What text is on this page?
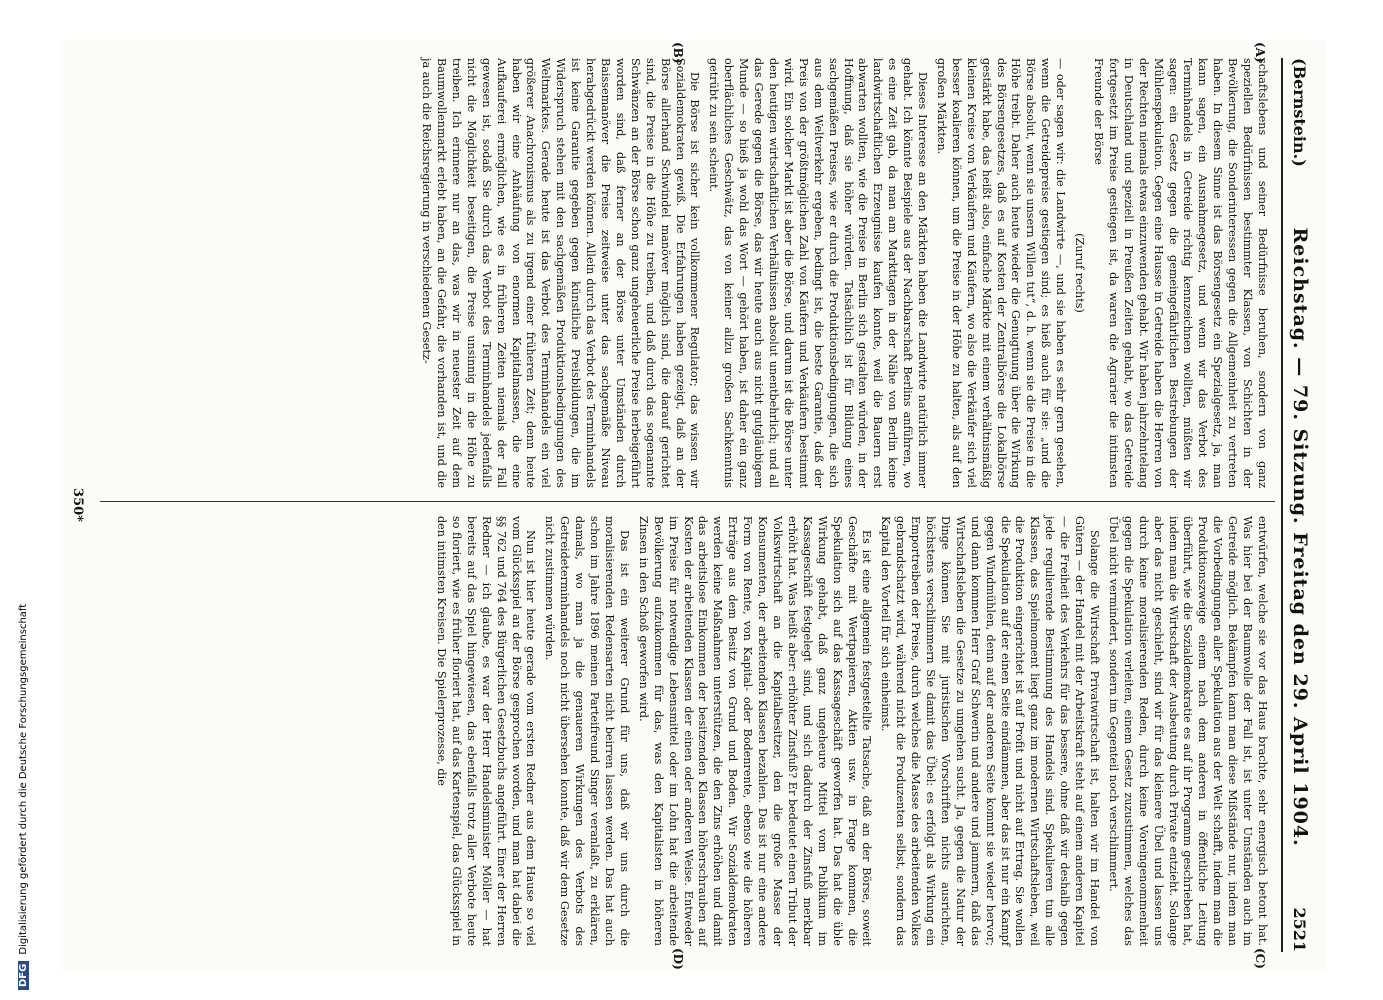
DFGDigitalisierung gefördert durch die Deutsche Forschungsgemeinschaft
(Bernstein.)
Reichstag. — 79. Sitzung. Freitag den 29. April 1904.
2521
(A)
(B)
(C)
(D)

schaftslebens und seiner Bedürfnisse beruhen, sondern von ganz speziellen Bedürfnissen bestimmter Klassen, von Schichten in der Bevölkerung, die Sonderinteressen gegen die Allgemeinheit zu vertreten haben. In diesem Sinne ist das Börsengesetz ein Spezialgesetz, ja, man kann sagen, ein Ausnahmegesetz, und wenn wir das Verbot des Terminhandels in Getreide richtig kennzeichnen wollten, müßten wir sagen: ein Gesetz gegen die gemeingefährlichen Bestrebungen der Mühlenspekulation. Gegen eine Hausse in Getreide haben die Herren von der Rechten niemals etwas einzuwenden gehabt. Wir haben jahrzehntelang in Deutschland und speziell in Preußen Zeiten gehabt, wo das Getreide fortgesetzt im Preise gestiegen ist, da waren die Agrarier die intimsten Freunde der Börse

(Zuruf rechts)

— oder sagen wir: die Landwirte —, und sie haben es sehr gern gesehen, wenn die Getreidepreise gestiegen sind; es hieß auch für sie: „und die Börse absolut, wenn sie unsern Willen tut“, d. h. wenn sie die Preise in die Höhe treibt. Daher auch heute wieder die Genugtuung über die Wirkung des Börsengesetzes, daß es auf Kosten der Zentralbörse die Lokalbörse gestärkt habe, das heißt also, einfache Märkte mit einem verhältnismäßig kleinen Kreise von Verkäufern und Käufern, wo also die Verkäufer sich viel besser koalieren können, um die Preise in der Höhe zu halten, als auf den großen Märkten.

Dieses Interesse an den Märkten haben die Landwirte natürlich immer gehabt. Ich könnte Beispiele aus der Nachbarschaft Berlins anführen, wo es eine Zeit gab, da man am Markttagen in der Nähe von Berlin keine landwirtschaftlichen Erzeugnisse kaufen konnte, weil die Bauern erst abwarten wollten, wie die Preise in Berlin sich gestalten würden, in der Hoffnung, daß sie höher würden. Tatsächlich ist für Bildung eines sachgemäßen Preises, wie er durch die Produktionsbedingungen, die sich aus dem Weltverkehr ergeben, bedingt ist, die beste Garantie, daß der Preis von der größtmöglichen Zahl von Käufern und Verkäufern bestimmt wird. Ein solcher Markt ist aber die Börse, und darum ist die Börse unter den heutigen wirtschaftlichen Verhältnissen absolut unentbehrlich; und all das Gerede gegen die Börse, das wir heute auch aus nicht gutgläubigem Munde — so hieß ja wohl das Wort — gehört haben, ist daher ein ganz oberflächliches Geschwätz, das von keiner allzu großen Sachkenntnis getrübt zu sein scheint.

Die Börse ist sicher kein vollkommener Regulator; das wissen wir Sozialdemokraten gewiß. Die Erfahrungen haben gezeigt, daß an der Börse allerhand Schwindel manöver möglich sind, die darauf gerichtet sind, die Preise in die Höhe zu treiben, und daß durch das sogenannte Schwänzen an der Börse schon ganz ungeheuerliche Preise herbeigeführt worden sind, daß ferner an der Börse unter Umständen durch Baissemanöver die Preise zeitweise unter das sachgemäße Niveau herabgedrückt werden können. Allein durch das Verbot des Terminhandels ist keine Garantie gegeben gegen künstliche Preisbildungen, die im Widerspruch stehen mit den sachgemäßen Produktionsbedingungen des Weltmarktes. Gerade heute ist das Verbot des Terminhandels ein viel größerer Anachronismus als zu irgend einer früheren Zeit; denn heute haben wir eine Anhäufung von enormen Kapitalmassen, die eine Aufkauferei ermöglichen, wie es in früheren Zeiten niemals der Fall gewesen ist, sodaß Sie durch das Verbot des Terminhandels jedenfalls nicht die Möglichkeit beseitigen, die Preise unsinnig in die Höhe zu treiben. Ich erinnere nur an das, was wir in neuester Zeit auf dem Baumwollenmarkt erlebt haben, an die Gefahr, die vorhanden ist, und die ja auch die Reichsregierung in verschiedenen Gesetz-

entwürfen, welche sie vor das Haus brachte, sehr energisch betont hat. Was hier bei der Baumwolle der Fall ist, ist unter Umständen auch im Getreide möglich. Bekämpfen kann man diese Mißstände nur, indem man die Vorbedingungen aller Spekulation aus der Welt schafft, indem man die Produktionszweige einem nach dem anderen in öffentliche Leitung überführt, wie die Sozialdemokratie es auf ihr Programm geschrieben hat, indem man die Wirtschaft der Ausbeutung durch Private entzieht. Solange aber das nicht geschieht, sind wir für das kleinere Übel und lassen uns durch keine moralisierenden Reden, durch keine Voreingenommenheit gegen die Spekulation verleiten, einem Gesetz zuzustimmen, welches das Übel nicht vermindert, sondern im Gegenteil noch verschlimmert.

Solange die Wirtschaft Privatwirtschaft ist, halten wir im Handel von Gütern — der Handel mit der Arbeitskraft steht auf einem anderen Kapitel — die Freiheit des Verkehrs für das bessere, ohne daß wir deshalb gegen jede regulierende Bestimmung des Handels sind. Spekulieren tun alle Klassen, das Spielmoment liegt ganz im modernen Wirtschaftsleben, weil die Produktion eingerichtet ist auf Profit und nicht auf Ertrag. Sie wollen die Spekulation auf der einen Seite eindämmen, aber das ist nur ein Kampf gegen Windmühlen, denn auf der anderen Seite kommt sie wieder hervor; und dann kommen Herr Graf Schwerin und andere und jammern, daß das Wirtschaftsleben die Gesetze zu umgehen sucht. Ja, gegen die Natur der Dinge können Sie mit juristischen Vorschriften nichts ausrichten, höchstens verschlimmern Sie damit das Übel: es erfolgt als Wirkung ein Emportreiben der Preise, durch welches die Masse des arbeitenden Volkes gebrandschatzt wird, während nicht die Produzenten selbst, sondern das Kapital den Vorteil für sich einheimst.

Es ist eine allgemein festgestellte Tatsache, daß an der Börse, soweit Geschäfte mit Wertpapieren, Aktien usw. in Frage kommen, die Spekulation sich auf das Kassageschäft geworfen hat. Das hat die üble Wirkung gehabt, daß ganz ungeheure Mittel vom Publikum im Kassageschäft festgelegt sind, und sich dadurch der Zinsfuß merkbar erhöht hat. Was heißt aber: erhöhter Zinsfuß? Er bedeutet einen Tribut der Volkswirtschaft an die Kapitalbesitzer, den die große Masse der Konsumenten, der arbeitenden Klassen bezahlen. Das ist nur eine andere Form von Rente, von Kapital- oder Bodenrente, ebenso wie die höheren Erträge aus dem Besitz von Grund und Boden. Wir Sozialdemokraten werden keine Maßnahmen unterstützen, die den Zins erhöhen und damit das arbeitslose Einkommen der besitzenden Klassen höherschrauben auf Kosten der arbeitenden Klassen der einen oder anderen Weise. Entweder im Preise für notwendige Lebensmittel oder im Lohn hat die arbeitende Bevölkerung aufzukommen für das, was den Kapitalisten in höheren Zinsen in den Schoß geworfen wird.

Das ist ein weiterer Grund für uns, daß wir uns durch die moralisierenden Redensarten nicht beirren lassen werden. Das hat auch schon im Jahre 1896 meinen Parteifreund Singer veranlaßt, zu erklären, damals, wo man ja die genaueren Wirkungen des Verbots des Getreideterminhandels noch nicht übersehen konnte, daß wir dem Gesetze nicht zustimmen würden.

Nun ist hier heute gerade vom ersten Redner aus dem Hause so viel vom Glücksspiel an der Börse gesprochen worden, und man hat dabei die §§ 762 und 764 des Bürgerlichen Gesetzbuchs angeführt. Einer der Herren Redner — ich glaube, es war der Herr Handelsminister Möller — hat bereits auf das Spiel hingewiesen, das ebenfalls trotz aller Verbote heute so floriert, wie es früher floriert hat, auf das Kartenspiel, das Glücksspiel in den intimsten Kreisen. Die Spielerprozesse, die

350*
